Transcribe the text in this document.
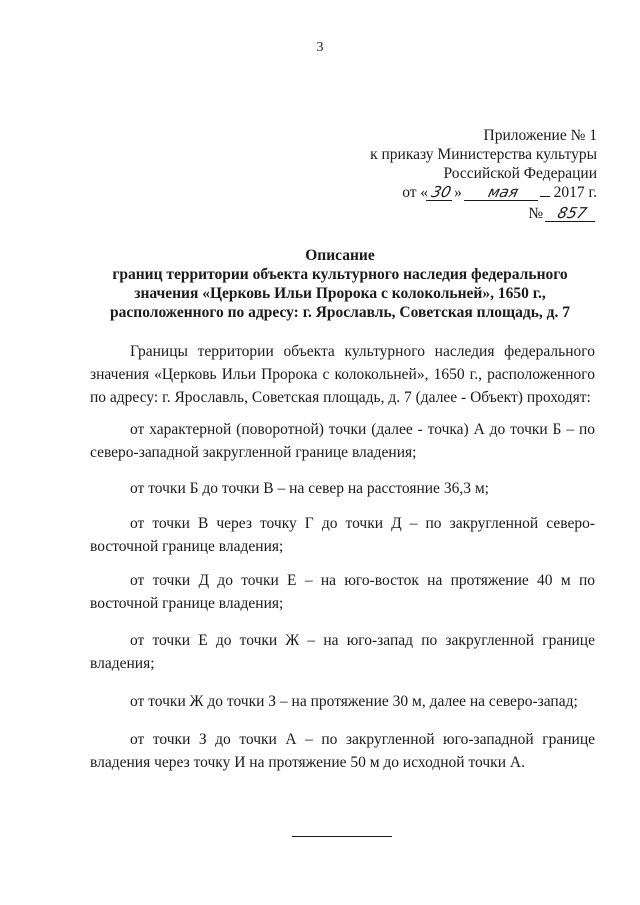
3
Приложение № 1
к приказу Министерства культуры
Российской Федерации
от «30» мая 2017 г.
№ 857
Описание
границ территории объекта культурного наследия федерального
значения «Церковь Ильи Пророка с колокольней», 1650 г.,
расположенного по адресу: г. Ярославль, Советская площадь, д. 7
Границы территории объекта культурного наследия федерального
значения «Церковь Ильи Пророка с колокольней», 1650 г., расположенного
по адресу: г. Ярославль, Советская площадь, д. 7 (далее - Объект) проходят:
от характерной (поворотной) точки (далее - точка) А до точки Б – по
северо-западной закругленной границе владения;
от точки Б до точки В – на север на расстояние 36,3 м;
от точки В через точку Г до точки Д – по закругленной северо-
восточной границе владения;
от точки Д до точки Е – на юго-восток на протяжение 40 м по
восточной границе владения;
от точки Е до точки Ж – на юго-запад по закругленной границе
владения;
от точки Ж до точки З – на протяжение 30 м, далее на северо-запад;
от точки З до точки А – по закругленной юго-западной границе
владения через точку И на протяжение 50 м до исходной точки А.
